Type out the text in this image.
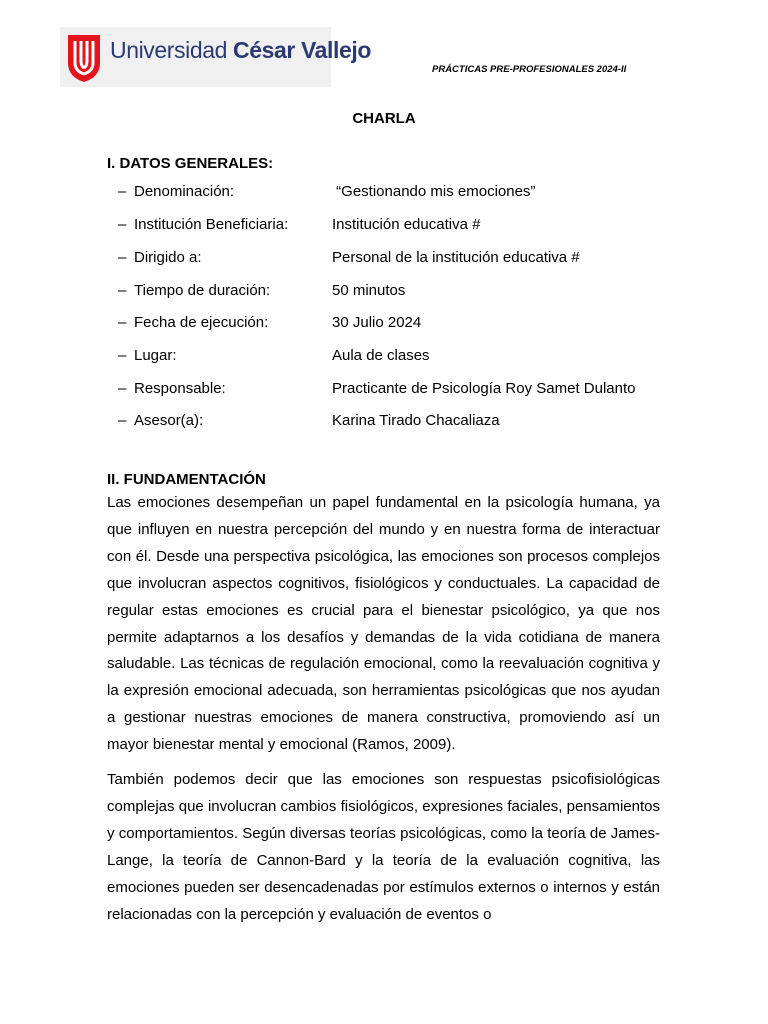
Universidad César Vallejo
PRÁCTICAS PRE-PROFESIONALES 2024-II
CHARLA
I. DATOS GENERALES:
– Denominación:	“Gestionando mis emociones”
– Institución Beneficiaria:	Institución educativa #
– Dirigido a:	Personal de la institución educativa #
– Tiempo de duración:	50 minutos
– Fecha de ejecución:	30 Julio 2024
– Lugar:	Aula de clases
– Responsable:	Practicante de Psicología Roy Samet Dulanto
– Asesor(a):	Karina Tirado Chacaliaza
II. FUNDAMENTACIÓN

Las emociones desempeñan un papel fundamental en la psicología humana, ya que influyen en nuestra percepción del mundo y en nuestra forma de interactuar con él. Desde una perspectiva psicológica, las emociones son procesos complejos que involucran aspectos cognitivos, fisiológicos y conductuales. La capacidad de regular estas emociones es crucial para el bienestar psicológico, ya que nos permite adaptarnos a los desafíos y demandas de la vida cotidiana de manera saludable. Las técnicas de regulación emocional, como la reevaluación cognitiva y la expresión emocional adecuada, son herramientas psicológicas que nos ayudan a gestionar nuestras emociones de manera constructiva, promoviendo así un mayor bienestar mental y emocional (Ramos, 2009).

También podemos decir que las emociones son respuestas psicofisiológicas complejas que involucran cambios fisiológicos, expresiones faciales, pensamientos y comportamientos. Según diversas teorías psicológicas, como la teoría de James-Lange, la teoría de Cannon-Bard y la teoría de la evaluación cognitiva, las emociones pueden ser desencadenadas por estímulos externos o internos y están relacionadas con la percepción y evaluación de eventos o
